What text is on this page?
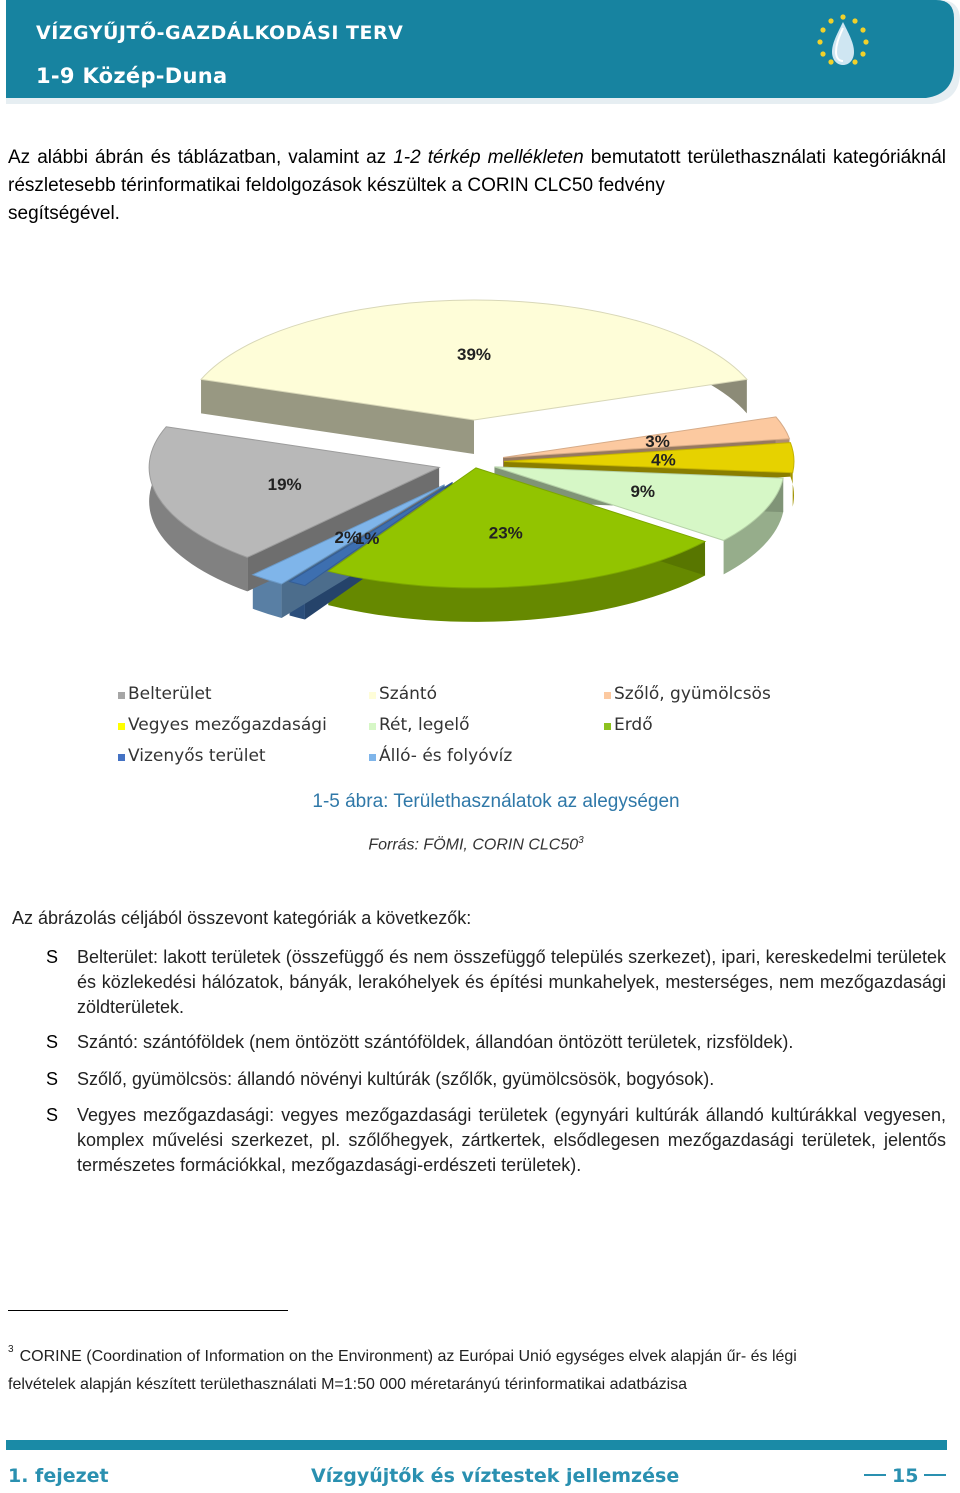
VÍZGYŰJTŐ-GAZDÁLKODÁSI TERV
1-9 Közép-Duna
Az alábbi ábrán és táblázatban, valamint az 1-2 térkép mellékleten bemutatott területhasználati kategóriáknál részletesebb térinformatikai feldolgozások készültek a CORIN CLC50 fedvény
segítségével.
39%
3%
4%
9%
23%
1%
2%
19%
Belterület	Szántó	Szőlő, gyümölcsös
Vegyes mezőgazdasági	Rét, legelő	Erdő
Vizenyős terület	Álló- és folyóvíz
1-5 ábra: Területhasználatok az alegységen
Forrás: FÖMI, CORIN $CLC50^3$
Az ábrázolás céljából összevont kategóriák a következők:
S	Belterület: lakott területek (összefüggő és nem összefüggő település szerkezet), ipari, kereskedelmi területek és közlekedési hálózatok, bányák, lerakóhelyek és építési munkahelyek, mesterséges, nem mezőgazdasági zöldterületek.
S	Szántó: szántóföldek (nem öntözött szántóföldek, állandóan öntözött területek, rizsföldek).
S	Szőlő, gyümölcsös: állandó növényi kultúrák (szőlők, gyümölcsösök, bogyósok).
S	Vegyes mezőgazdasági: vegyes mezőgazdasági területek (egynyári kultúrák állandó kultúrákkal vegyesen, komplex művelési szerkezet, pl. szőlőhegyek, zártkertek, elsődlegesen mezőgazdasági területek, jelentős természetes formációkkal, mezőgazdasági-erdészeti területek).
$^3$ CORINE (Coordination of Information on the Environment) az Európai Unió egységes elvek alapján űr- és légi
felvételek alapján készített területhasználati M=1:50 000 méretarányú térinformatikai adatbázisa
1. fejezet	Vízgyűjtők és víztestek jellemzése	15
